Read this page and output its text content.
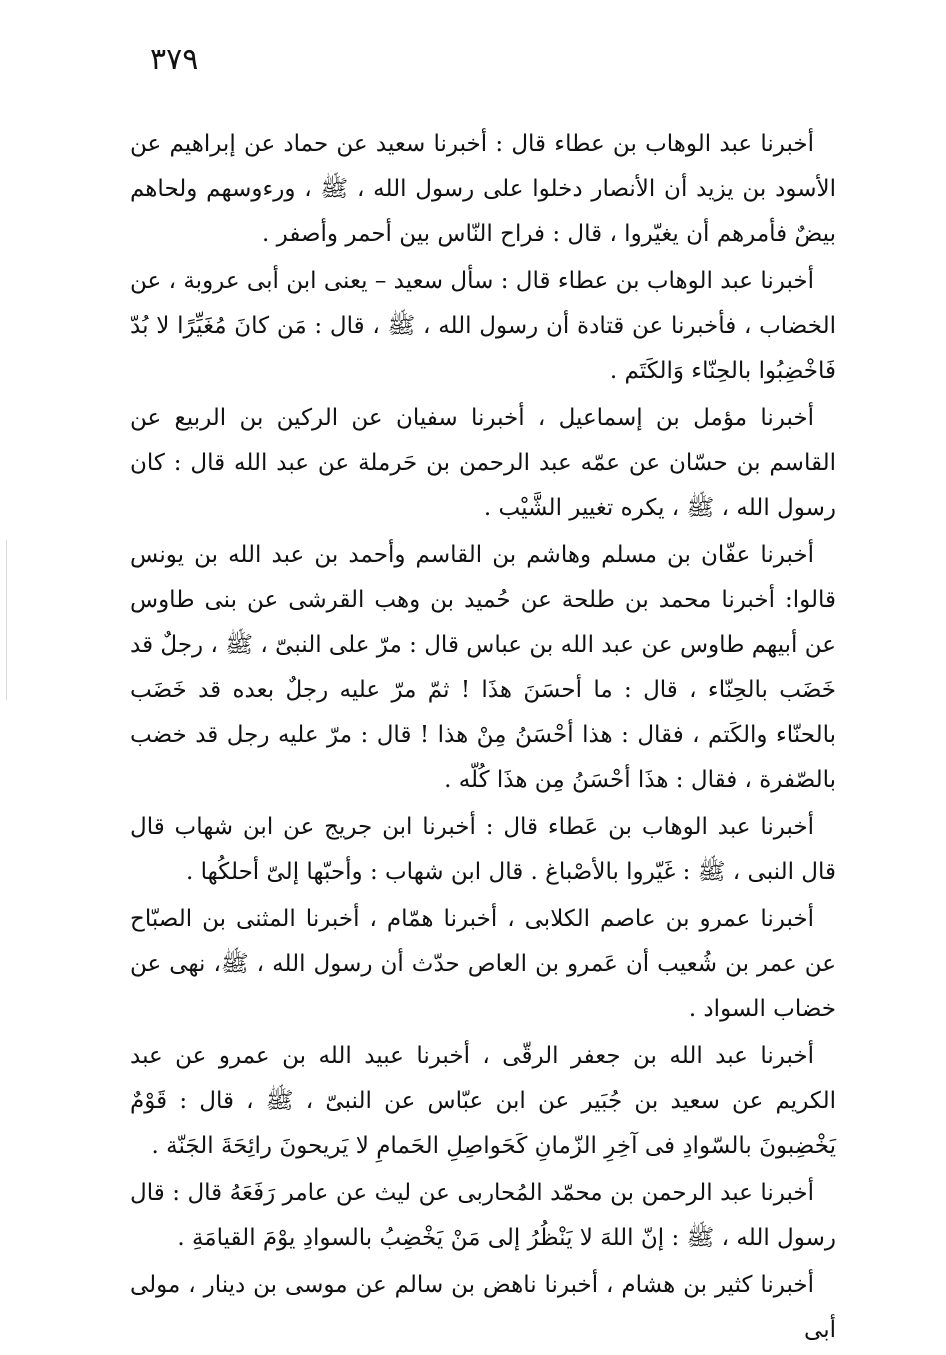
٣٧٩

أخبرنا عبد الوهاب بن عطاء قال : أخبرنا سعيد عن حماد عن إبراهيم عن الأسود بن يزيد أن الأنصار دخلوا على رسول الله ، ﷺ ، ورءوسهم ولحاهم بيضٌ فأمرهم أن يغيّروا ، قال : فراح النّاس بين أحمر وأصفر .

أخبرنا عبد الوهاب بن عطاء قال : سأل سعيد – يعنى ابن أبى عروبة ، عن الخضاب ، فأخبرنا عن قتادة أن رسول الله ، ﷺ ، قال : مَن كانَ مُغَيِّرًا لا بُدّ فَاخْضِبُوا بالحِنّاء وَالكَتَم .

أخبرنا مؤمل بن إسماعيل ، أخبرنا سفيان عن الركين بن الربيع عن القاسم بن حسّان عن عمّه عبد الرحمن بن حَرملة عن عبد الله قال : كان رسول الله ، ﷺ ، يكره تغيير الشَّيْب .

أخبرنا عفّان بن مسلم وهاشم بن القاسم وأحمد بن عبد الله بن يونس قالوا: أخبرنا محمد بن طلحة عن حُميد بن وهب القرشى عن بنى طاوس عن أبيهم طاوس عن عبد الله بن عباس قال : مرّ على النبىّ ، ﷺ ، رجلٌ قد خَضَب بالحِنّاء ، قال : ما أحسَنَ هذَا ! ثمّ مرّ عليه رجلٌ بعده قد خَضَب بالحنّاء والكَتم ، فقال : هذا أحْسَنُ مِنْ هذا ! قال : مرّ عليه رجل قد خضب بالصّفرة ، فقال : هذَا أحْسَنُ مِن هذَا كُلّه .

أخبرنا عبد الوهاب بن عَطاء قال : أخبرنا ابن جريج عن ابن شهاب قال قال النبى ، ﷺ : غَيّروا بالأصْباغ . قال ابن شهاب : وأحبّها إلىّ أحلكُها .

أخبرنا عمرو بن عاصم الكلابى ، أخبرنا همّام ، أخبرنا المثنى بن الصبّاح عن عمر بن شُعيب أن عَمرو بن العاص حدّث أن رسول الله ، ﷺ، نهى عن خضاب السواد .

أخبرنا عبد الله بن جعفر الرقّى ، أخبرنا عبيد الله بن عمرو عن عبد الكريم عن سعيد بن جُبَير عن ابن عبّاس عن النبىّ ، ﷺ ، قال : قَوْمٌ يَخْضِبونَ بالسّوادِ فى آخِرِ الزّمانِ كَحَواصِلِ الحَمامِ لا يَريحونَ رائِحَةَ الجَنّة .

أخبرنا عبد الرحمن بن محمّد المُحاربى عن ليث عن عامر رَفَعَهُ قال : قال رسول الله ، ﷺ : إنّ اللهَ لا يَنْظُرُ إلى مَنْ يَخْضِبُ بالسوادِ يوْمَ القيامَةِ .

أخبرنا كثير بن هشام ، أخبرنا ناهض بن سالم عن موسى بن دينار ، مولى أبى
